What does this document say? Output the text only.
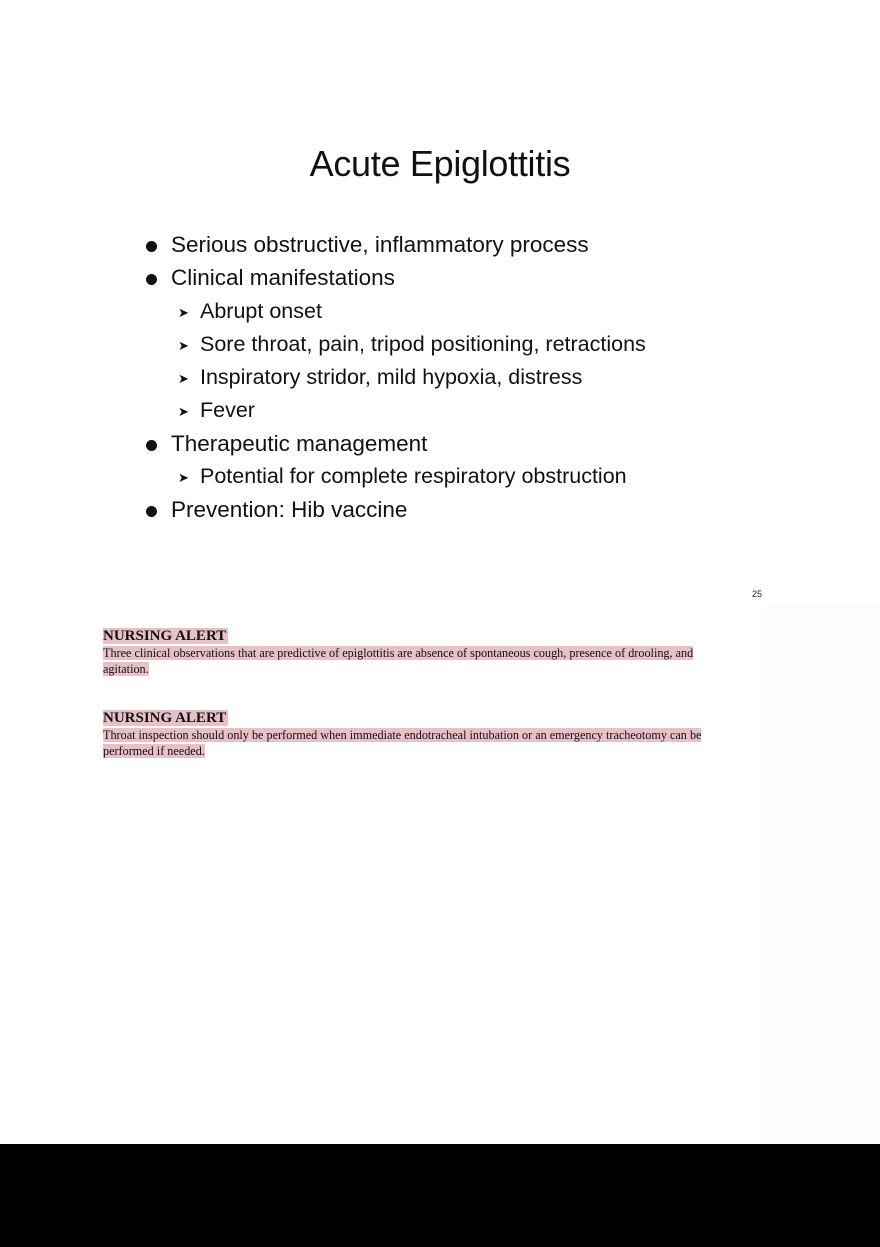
Acute Epiglottitis
Serious obstructive, inflammatory process
Clinical manifestations
➤ Abrupt onset
➤ Sore throat, pain, tripod positioning, retractions
➤ Inspiratory stridor, mild hypoxia, distress
➤ Fever
Therapeutic management
➤ Potential for complete respiratory obstruction
Prevention: Hib vaccine
25
NURSING ALERT
Three clinical observations that are predictive of epiglottitis are absence of spontaneous cough, presence of drooling, and
agitation.
NURSING ALERT
Throat inspection should only be performed when immediate endotracheal intubation or an emergency tracheotomy can be
performed if needed.
